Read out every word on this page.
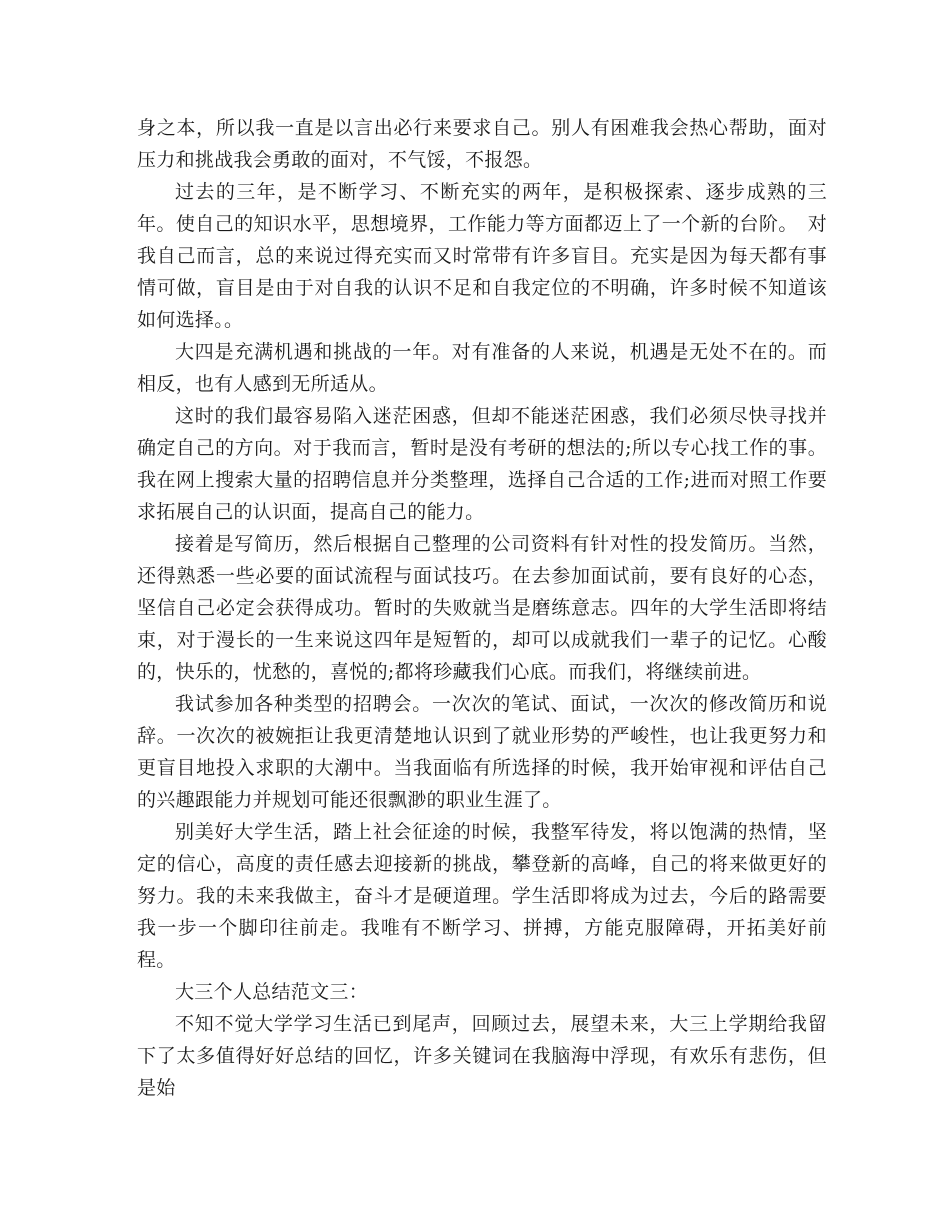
身之本，所以我一直是以言出必行来要求自己。别人有困难我会热心帮助，面对压力和挑战我会勇敢的面对，不气馁，不报怨。

过去的三年，是不断学习、不断充实的两年，是积极探索、逐步成熟的三年。使自己的知识水平，思想境界，工作能力等方面都迈上了一个新的台阶。　对我自己而言，总的来说过得充实而又时常带有许多盲目。充实是因为每天都有事情可做，盲目是由于对自我的认识不足和自我定位的不明确，许多时候不知道该如何选择。。

大四是充满机遇和挑战的一年。对有准备的人来说，机遇是无处不在的。而相反，也有人感到无所适从。

这时的我们最容易陷入迷茫困惑，但却不能迷茫困惑，我们必须尽快寻找并确定自己的方向。对于我而言，暂时是没有考研的想法的;所以专心找工作的事。我在网上搜索大量的招聘信息并分类整理，选择自己合适的工作;进而对照工作要求拓展自己的认识面，提高自己的能力。

接着是写简历，然后根据自己整理的公司资料有针对性的投发简历。当然，还得熟悉一些必要的面试流程与面试技巧。在去参加面试前，要有良好的心态，坚信自己必定会获得成功。暂时的失败就当是磨练意志。四年的大学生活即将结束，对于漫长的一生来说这四年是短暂的，却可以成就我们一辈子的记忆。心酸的，快乐的，忧愁的，喜悦的;都将珍藏我们心底。而我们，将继续前进。

我试参加各种类型的招聘会。一次次的笔试、面试，一次次的修改简历和说辞。一次次的被婉拒让我更清楚地认识到了就业形势的严峻性，也让我更努力和更盲目地投入求职的大潮中。当我面临有所选择的时候，我开始审视和评估自己的兴趣跟能力并规划可能还很飘渺的职业生涯了。

别美好大学生活，踏上社会征途的时候，我整军待发，将以饱满的热情，坚定的信心，高度的责任感去迎接新的挑战，攀登新的高峰，自己的将来做更好的努力。我的未来我做主，奋斗才是硬道理。学生活即将成为过去，今后的路需要我一步一个脚印往前走。我唯有不断学习、拼搏，方能克服障碍，开拓美好前程。

大三个人总结范文三：

不知不觉大学学习生活已到尾声，回顾过去，展望未来，大三上学期给我留下了太多值得好好总结的回忆，许多关键词在我脑海中浮现，有欢乐有悲伤，但是始
